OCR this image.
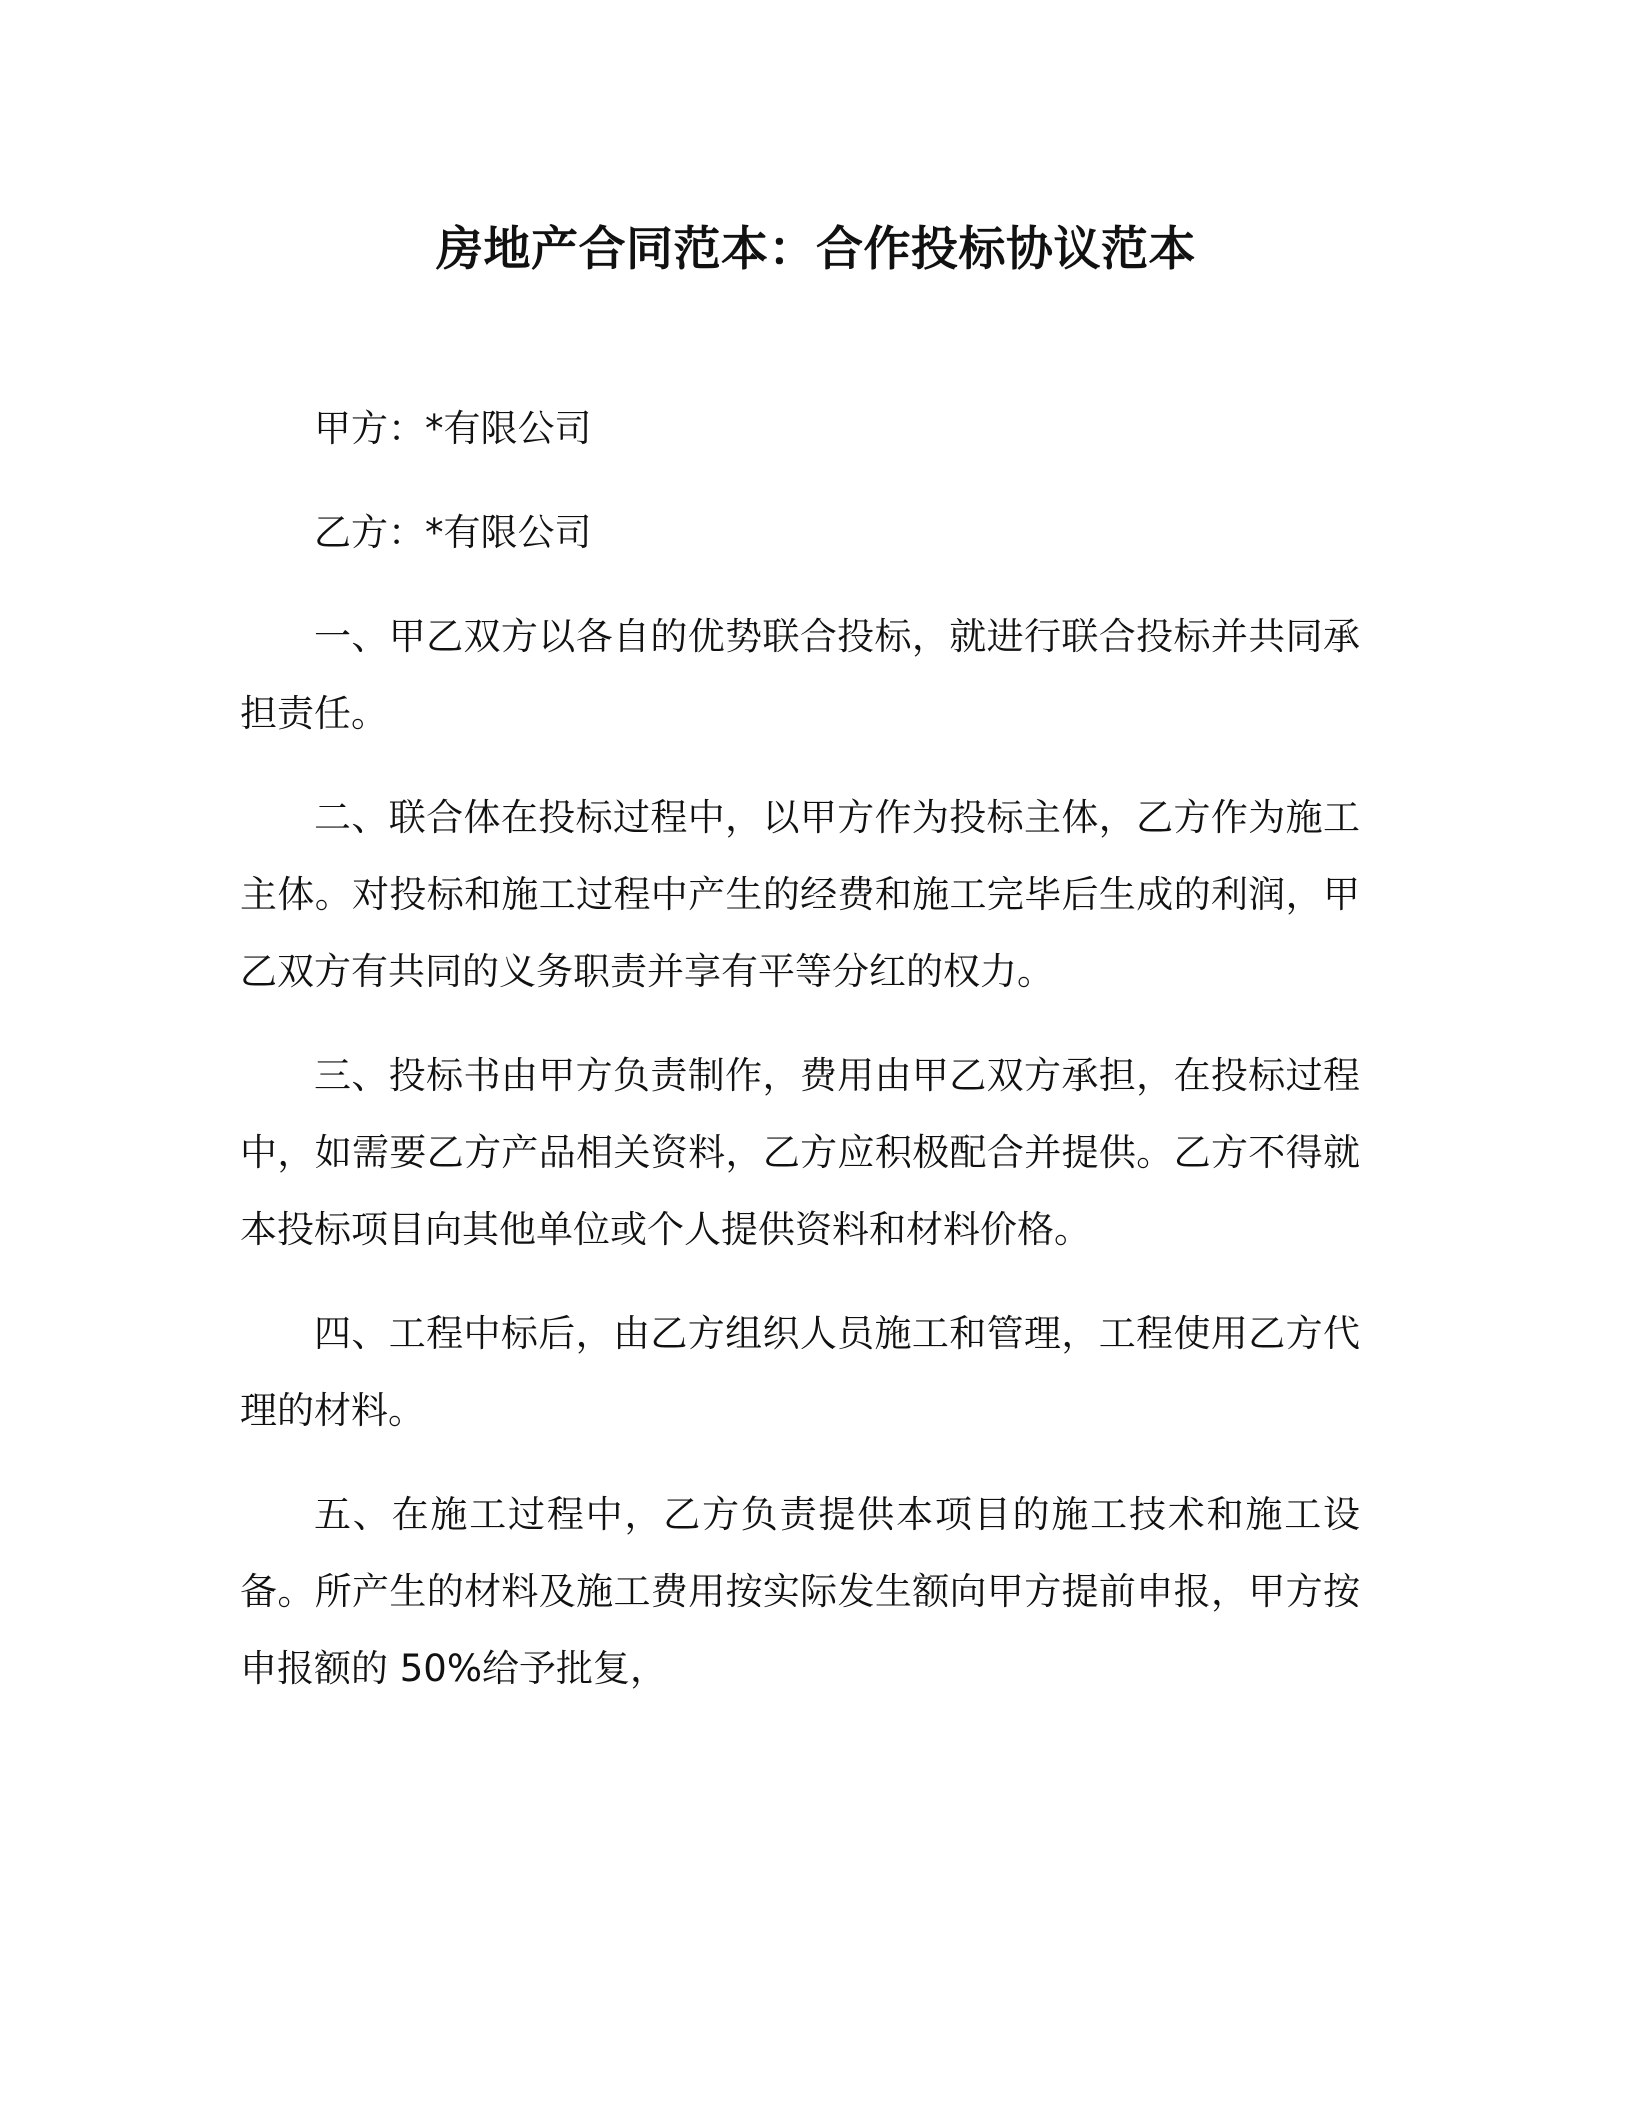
房地产合同范本：合作投标协议范本

甲方：*有限公司

乙方：*有限公司

一、甲乙双方以各自的优势联合投标，就进行联合投标并共同承担责任。

二、联合体在投标过程中，以甲方作为投标主体，乙方作为施工主体。对投标和施工过程中产生的经费和施工完毕后生成的利润，甲乙双方有共同的义务职责并享有平等分红的权力。

三、投标书由甲方负责制作，费用由甲乙双方承担，在投标过程中，如需要乙方产品相关资料，乙方应积极配合并提供。乙方不得就本投标项目向其他单位或个人提供资料和材料价格。

四、工程中标后，由乙方组织人员施工和管理，工程使用乙方代理的材料。

五、在施工过程中，乙方负责提供本项目的施工技术和施工设备。所产生的材料及施工费用按实际发生额向甲方提前申报，甲方按申报额的 50%给予批复，
